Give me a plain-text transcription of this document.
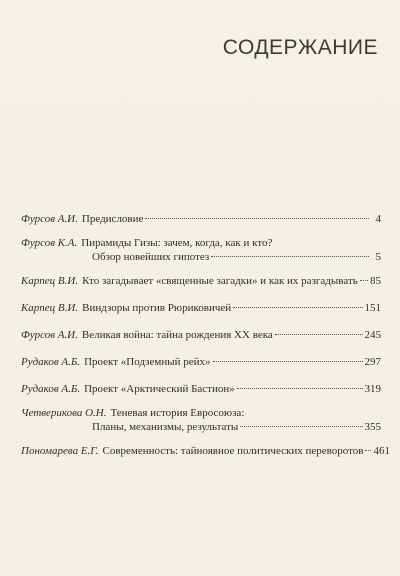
СОДЕРЖАНИЕ
Фурсов А.И. Предисловие	4
Фурсов К.А. Пирамиды Гизы: зачем, когда, как и кто?
Обзор новейших гипотез	5
Карпец В.И. Кто загадывает «священные загадки» и как их разгадывать 85
Карпец В.И. Виндзоры против Рюриковичей	151
Фурсов А.И. Великая война: тайна рождения XX века	245
Рудаков А.Б. Проект «Подземный рейх»	297
Рудаков А.Б. Проект «Арктический Бастион»	319
Четверикова О.Н. Теневая история Евросоюза:
Планы, механизмы, результаты	355
Пономарева Е.Г. Современность: тайноявное политических переворотов 461
